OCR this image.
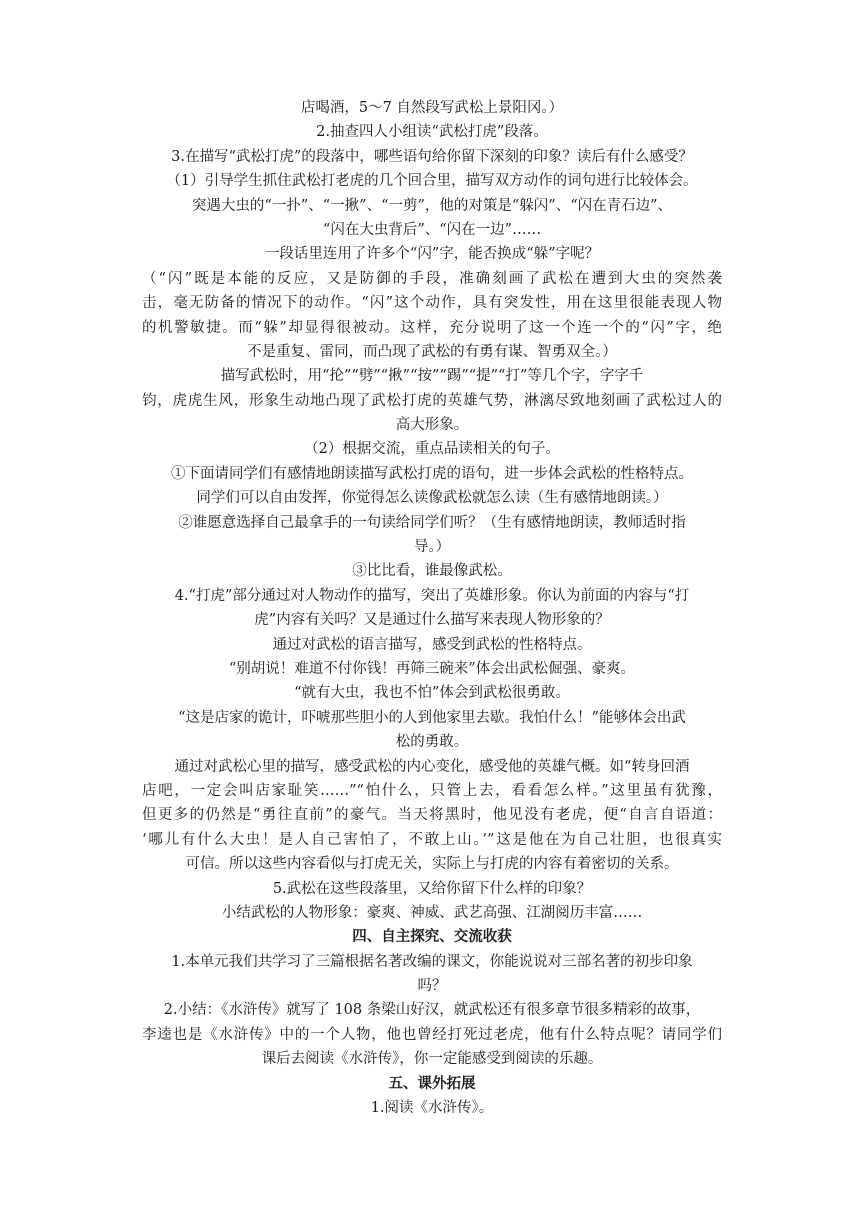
店喝酒，5～7 自然段写武松上景阳冈。）
2.抽查四人小组读“武松打虎”段落。
3.在描写“武松打虎”的段落中，哪些语句给你留下深刻的印象？读后有什么感受？
（1）引导学生抓住武松打老虎的几个回合里，描写双方动作的词句进行比较体会。
突遇大虫的“一扑”、“一揪”、“一剪”，他的对策是“躲闪”、“闪在青石边”、
“闪在大虫背后”、“闪在一边”……
一段话里连用了许多个“闪”字，能否换成“躲”字呢？
（“闪”既是本能的反应，又是防御的手段，准确刻画了武松在遭到大虫的突然袭
击，毫无防备的情况下的动作。“闪”这个动作，具有突发性，用在这里很能表现人物
的机警敏捷。而“躲”却显得很被动。这样，充分说明了这一个连一个的“闪”字，绝
不是重复、雷同，而凸现了武松的有勇有谋、智勇双全。）
描写武松时，用“抡”“劈”“揪”“按”“踢”“提”“打”等几个字，字字千
钧，虎虎生风，形象生动地凸现了武松打虎的英雄气势，淋漓尽致地刻画了武松过人的
高大形象。
（2）根据交流，重点品读相关的句子。
①下面请同学们有感情地朗读描写武松打虎的语句，进一步体会武松的性格特点。
同学们可以自由发挥，你觉得怎么读像武松就怎么读（生有感情地朗读。）
②谁愿意选择自己最拿手的一句读给同学们听？（生有感情地朗读，教师适时指
导。）
③比比看，谁最像武松。
4.“打虎”部分通过对人物动作的描写，突出了英雄形象。你认为前面的内容与“打
虎”内容有关吗？又是通过什么描写来表现人物形象的？
通过对武松的语言描写，感受到武松的性格特点。
“别胡说！难道不付你钱！再筛三碗来”体会出武松倔强、豪爽。
“就有大虫，我也不怕”体会到武松很勇敢。
“这是店家的诡计，吓唬那些胆小的人到他家里去歇。我怕什么！”能够体会出武
松的勇敢。
通过对武松心里的描写，感受武松的内心变化，感受他的英雄气概。如“转身回酒
店吧，一定会叫店家耻笑……”“怕什么，只管上去，看看怎么样。”这里虽有犹豫，
但更多的仍然是“勇往直前”的豪气。当天将黑时，他见没有老虎，便“自言自语道：
‘哪儿有什么大虫！是人自己害怕了，不敢上山。’”这是他在为自己壮胆，也很真实
可信。所以这些内容看似与打虎无关，实际上与打虎的内容有着密切的关系。
5.武松在这些段落里，又给你留下什么样的印象？
小结武松的人物形象：豪爽、神威、武艺高强、江湖阅历丰富……
四、自主探究、交流收获
1.本单元我们共学习了三篇根据名著改编的课文，你能说说对三部名著的初步印象
吗？
2.小结：《水浒传》就写了 108 条梁山好汉，就武松还有很多章节很多精彩的故事，
李逵也是《水浒传》中的一个人物，他也曾经打死过老虎，他有什么特点呢？请同学们
课后去阅读《水浒传》，你一定能感受到阅读的乐趣。
五、课外拓展
1.阅读《水浒传》。
